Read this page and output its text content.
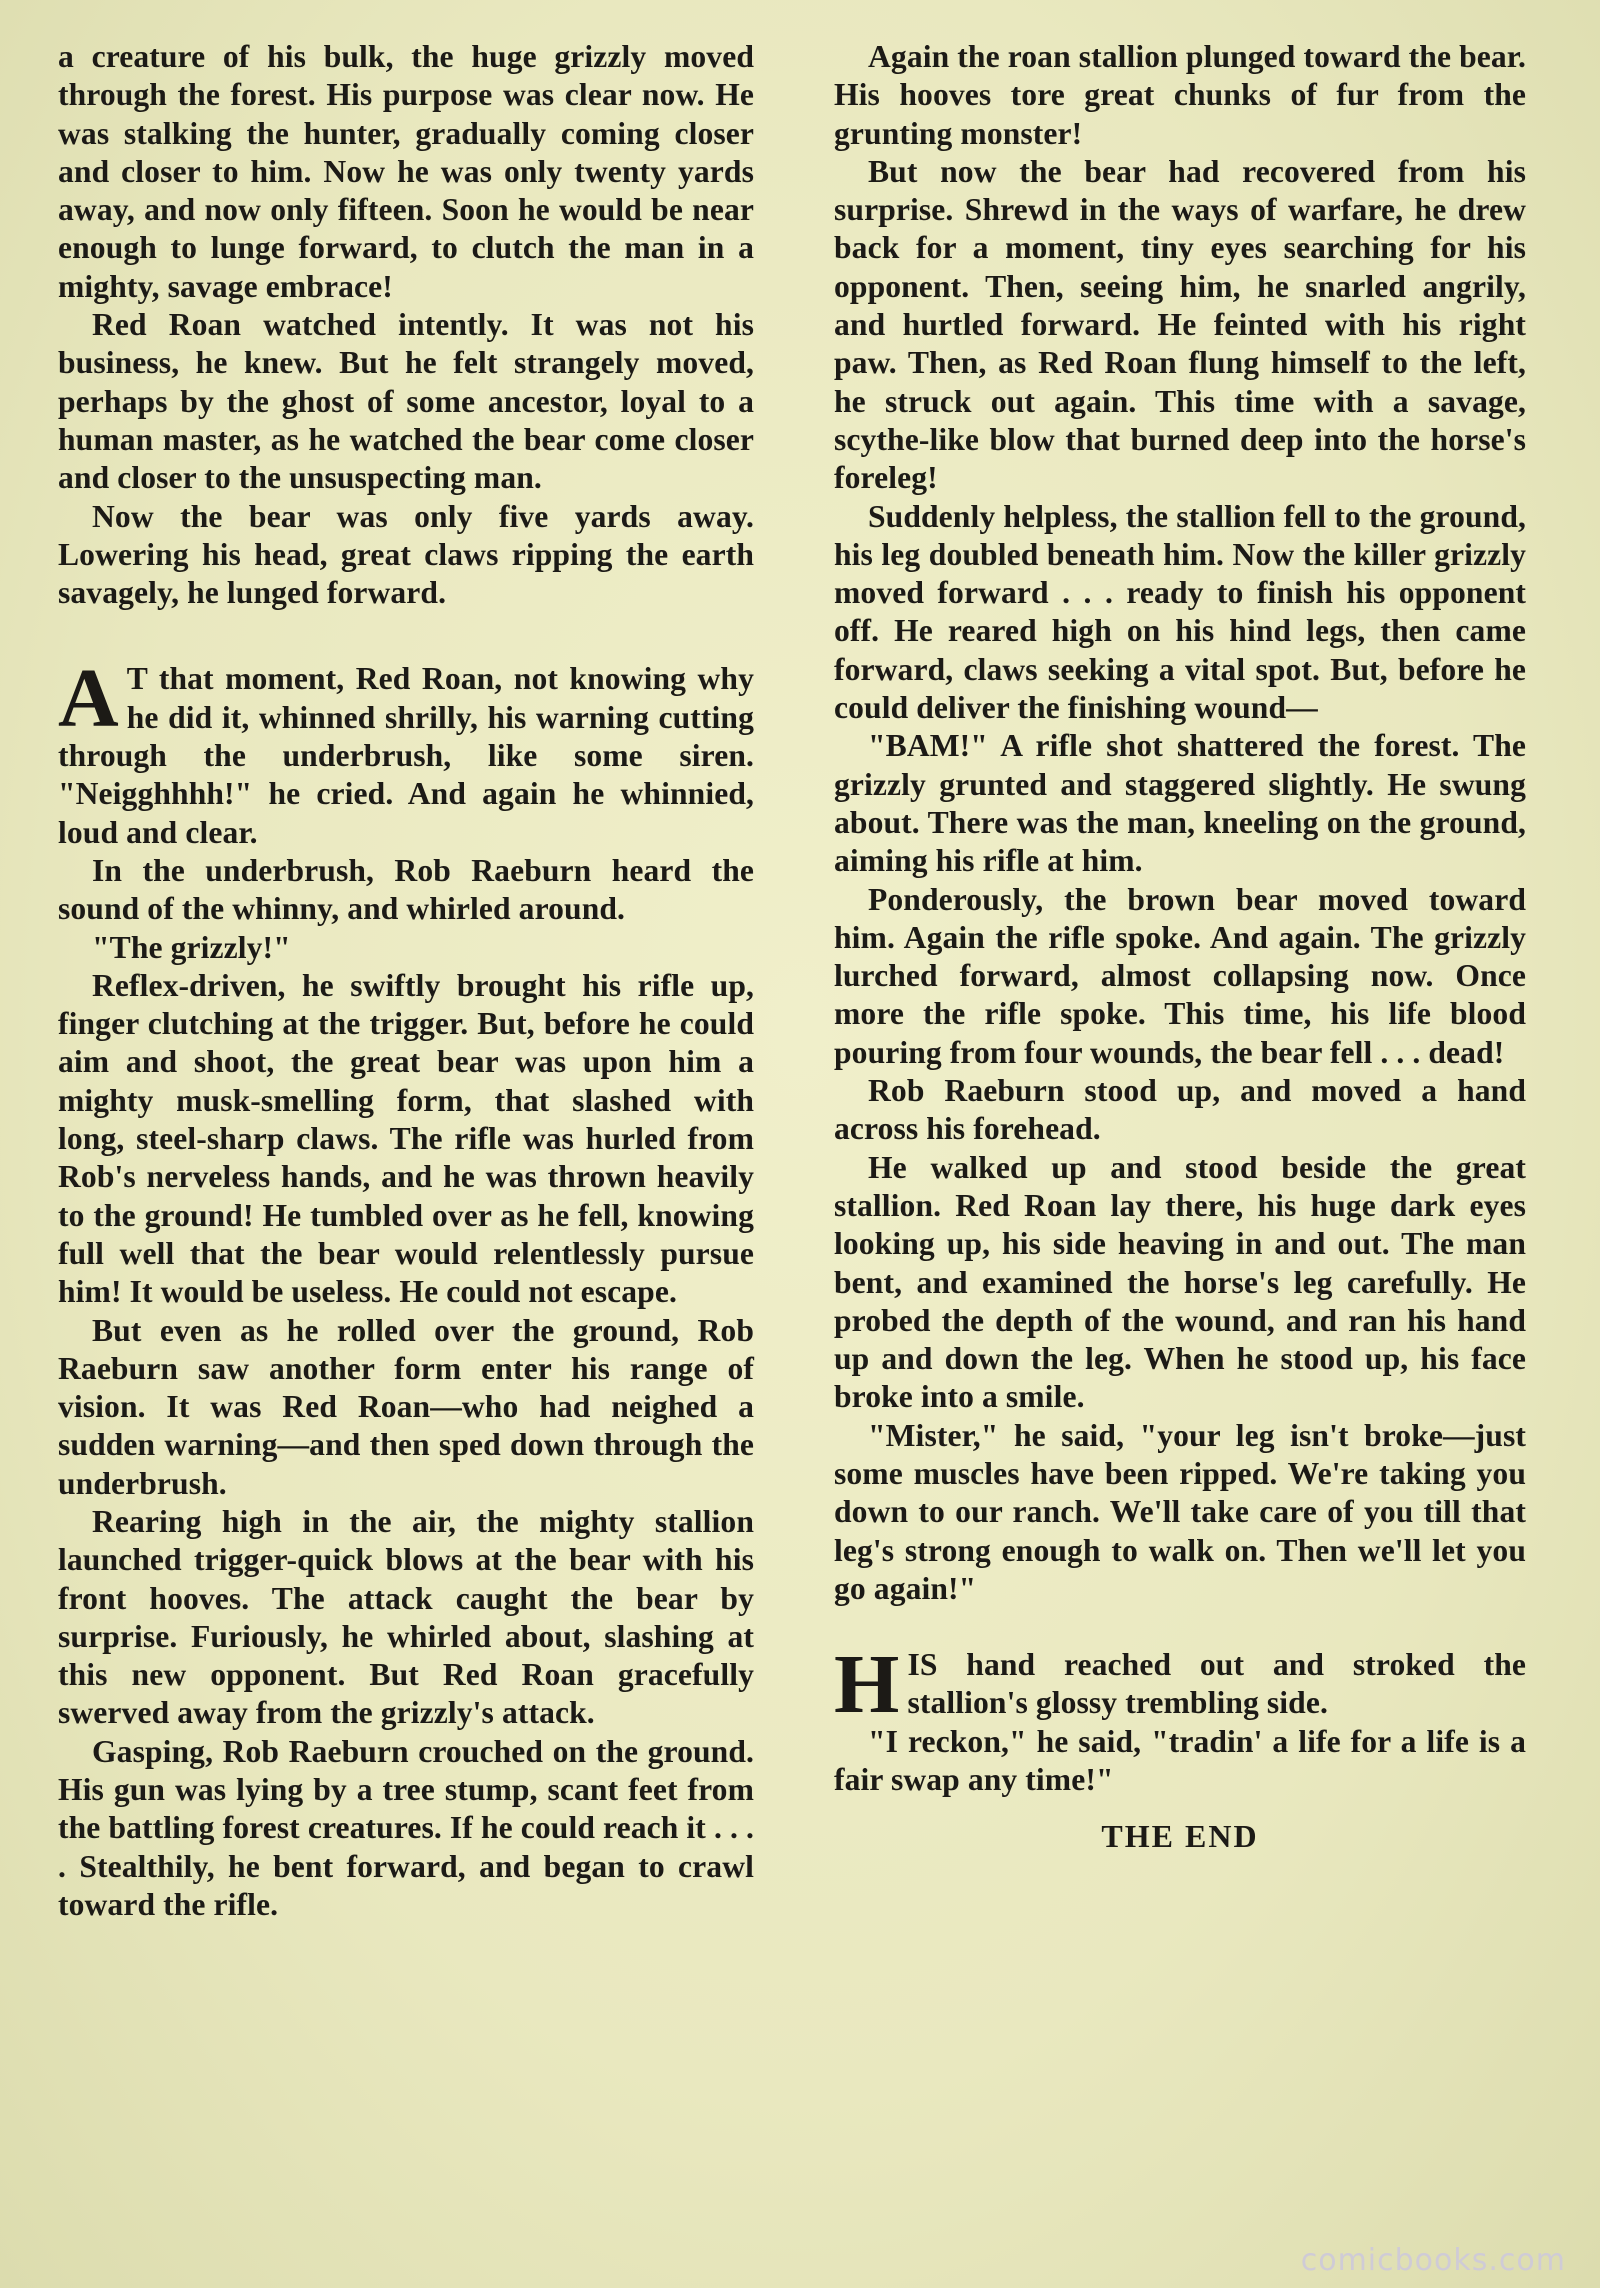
a creature of his bulk, the huge grizzly moved through the forest. His purpose was clear now. He was stalking the hunter, gradually coming closer and closer to him. Now he was only twenty yards away, and now only fifteen. Soon he would be near enough to lunge forward, to clutch the man in a mighty, savage embrace!

Red Roan watched intently. It was not his business, he knew. But he felt strangely moved, perhaps by the ghost of some ancestor, loyal to a human master, as he watched the bear come closer and closer to the unsuspecting man.

Now the bear was only five yards away. Lowering his head, great claws ripping the earth savagely, he lunged forward.

A T that moment, Red Roan, not knowing why he did it, whinned shrilly, his warning cutting through the underbrush, like some siren. "Neigghhhh!" he cried. And again he whinnied, loud and clear.

In the underbrush, Rob Raeburn heard the sound of the whinny, and whirled around.

"The grizzly!"

Reflex-driven, he swiftly brought his rifle up, finger clutching at the trigger. But, before he could aim and shoot, the great bear was upon him a mighty musk-smelling form, that slashed with long, steel-sharp claws. The rifle was hurled from Rob's nerveless hands, and he was thrown heavily to the ground! He tumbled over as he fell, knowing full well that the bear would relentlessly pursue him! It would be useless. He could not escape.

But even as he rolled over the ground, Rob Raeburn saw another form enter his range of vision. It was Red Roan—who had neighed a sudden warning—and then sped down through the underbrush.

Rearing high in the air, the mighty stallion launched trigger-quick blows at the bear with his front hooves. The attack caught the bear by surprise. Furiously, he whirled about, slashing at this new opponent. But Red Roan gracefully swerved away from the grizzly's attack.

Gasping, Rob Raeburn crouched on the ground. His gun was lying by a tree stump, scant feet from the battling forest creatures. If he could reach it . . . . Stealthily, he bent forward, and began to crawl toward the rifle.

Again the roan stallion plunged toward the bear. His hooves tore great chunks of fur from the grunting monster!

But now the bear had recovered from his surprise. Shrewd in the ways of warfare, he drew back for a moment, tiny eyes searching for his opponent. Then, seeing him, he snarled angrily, and hurtled forward. He feinted with his right paw. Then, as Red Roan flung himself to the left, he struck out again. This time with a savage, scythe-like blow that burned deep into the horse's foreleg!

Suddenly helpless, the stallion fell to the ground, his leg doubled beneath him. Now the killer grizzly moved forward . . . ready to finish his opponent off. He reared high on his hind legs, then came forward, claws seeking a vital spot. But, before he could deliver the finishing wound—

"BAM!" A rifle shot shattered the forest. The grizzly grunted and staggered slightly. He swung about. There was the man, kneeling on the ground, aiming his rifle at him.

Ponderously, the brown bear moved toward him. Again the rifle spoke. And again. The grizzly lurched forward, almost collapsing now. Once more the rifle spoke. This time, his life blood pouring from four wounds, the bear fell . . . dead!

Rob Raeburn stood up, and moved a hand across his forehead.

He walked up and stood beside the great stallion. Red Roan lay there, his huge dark eyes looking up, his side heaving in and out. The man bent, and examined the horse's leg carefully. He probed the depth of the wound, and ran his hand up and down the leg. When he stood up, his face broke into a smile.

"Mister," he said, "your leg isn't broke—just some muscles have been ripped. We're taking you down to our ranch. We'll take care of you till that leg's strong enough to walk on. Then we'll let you go again!"

HIS hand reached out and stroked the stallion's glossy trembling side.

"I reckon," he said, "tradin' a life for a life is a fair swap any time!"

THE END
comicbooks.com
